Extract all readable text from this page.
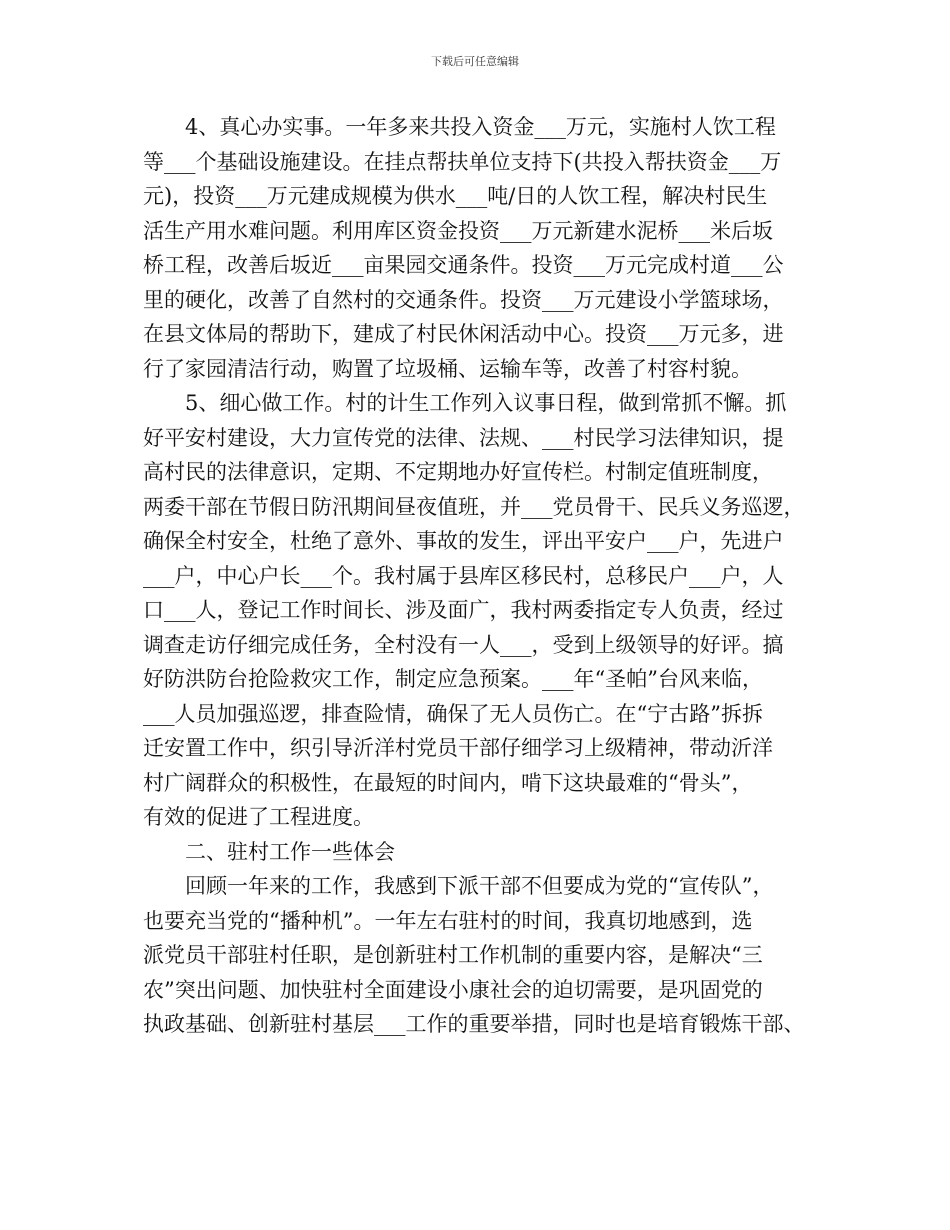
下载后可任意编辑
　　4、真心办实事。一年多来共投入资金___万元，实施村人饮工程
等___个基础设施建设。在挂点帮扶单位支持下(共投入帮扶资金___万
元)，投资___万元建成规模为供水___吨/日的人饮工程，解决村民生
活生产用水难问题。利用库区资金投资___万元新建水泥桥___米后坂
桥工程，改善后坂近___亩果园交通条件。投资___万元完成村道___公
里的硬化，改善了自然村的交通条件。投资___万元建设小学篮球场，
在县文体局的帮助下，建成了村民休闲活动中心。投资___万元多，进
行了家园清洁行动，购置了垃圾桶、运输车等，改善了村容村貌。
　　5、细心做工作。村的计生工作列入议事日程，做到常抓不懈。抓
好平安村建设，大力宣传党的法律、法规、___村民学习法律知识，提
高村民的法律意识，定期、不定期地办好宣传栏。村制定值班制度，
两委干部在节假日防汛期间昼夜值班，并___党员骨干、民兵义务巡逻，
确保全村安全，杜绝了意外、事故的发生，评出平安户___户，先进户
___户，中心户长___个。我村属于县库区移民村，总移民户___户，人
口___人，登记工作时间长、涉及面广，我村两委指定专人负责，经过
调查走访仔细完成任务，全村没有一人___，受到上级领导的好评。搞
好防洪防台抢险救灾工作，制定应急预案。___年“圣帕”台风来临，
___人员加强巡逻，排查险情，确保了无人员伤亡。在“宁古路”拆拆
迁安置工作中，织引导沂洋村党员干部仔细学习上级精神，带动沂洋
村广阔群众的积极性，在最短的时间内，啃下这块最难的“骨头”，
有效的促进了工程进度。
　　二、驻村工作一些体会
　　回顾一年来的工作，我感到下派干部不但要成为党的“宣传队”，
也要充当党的“播种机”。一年左右驻村的时间，我真切地感到，选
派党员干部驻村任职，是创新驻村工作机制的重要内容，是解决“三
农”突出问题、加快驻村全面建设小康社会的迫切需要，是巩固党的
执政基础、创新驻村基层___工作的重要举措，同时也是培育锻炼干部、
